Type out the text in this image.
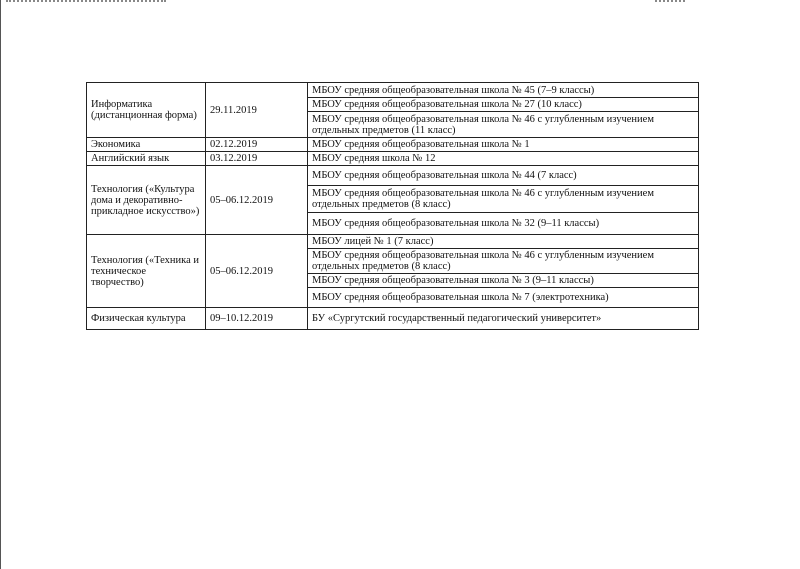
Информатика (дистанционная форма)	29.11.2019	МБОУ средняя общеобразовательная школа № 45 (7–9 классы)
		МБОУ средняя общеобразовательная школа № 27 (10 класс)
		МБОУ средняя общеобразовательная школа № 46 с углубленным изучением отдельных предметов (11 класс)
Экономика	02.12.2019	МБОУ средняя общеобразовательная школа № 1
Английский язык	03.12.2019	МБОУ средняя школа № 12
Технология («Культура дома и декоративно-прикладное искусство»)	05–06.12.2019	МБОУ средняя общеобразовательная школа № 44 (7 класс)
		МБОУ средняя общеобразовательная школа № 46 с углубленным изучением отдельных предметов (8 класс)
		МБОУ средняя общеобразовательная школа № 32 (9–11 классы)
Технология («Техника и техническое творчество)	05–06.12.2019	МБОУ лицей № 1 (7 класс)
		МБОУ средняя общеобразовательная школа № 46 с углубленным изучением отдельных предметов (8 класс)
		МБОУ средняя общеобразовательная школа № 3 (9–11 классы)
		МБОУ средняя общеобразовательная школа № 7 (электротехника)
Физическая культура	09–10.12.2019	БУ «Сургутский государственный педагогический университет»
